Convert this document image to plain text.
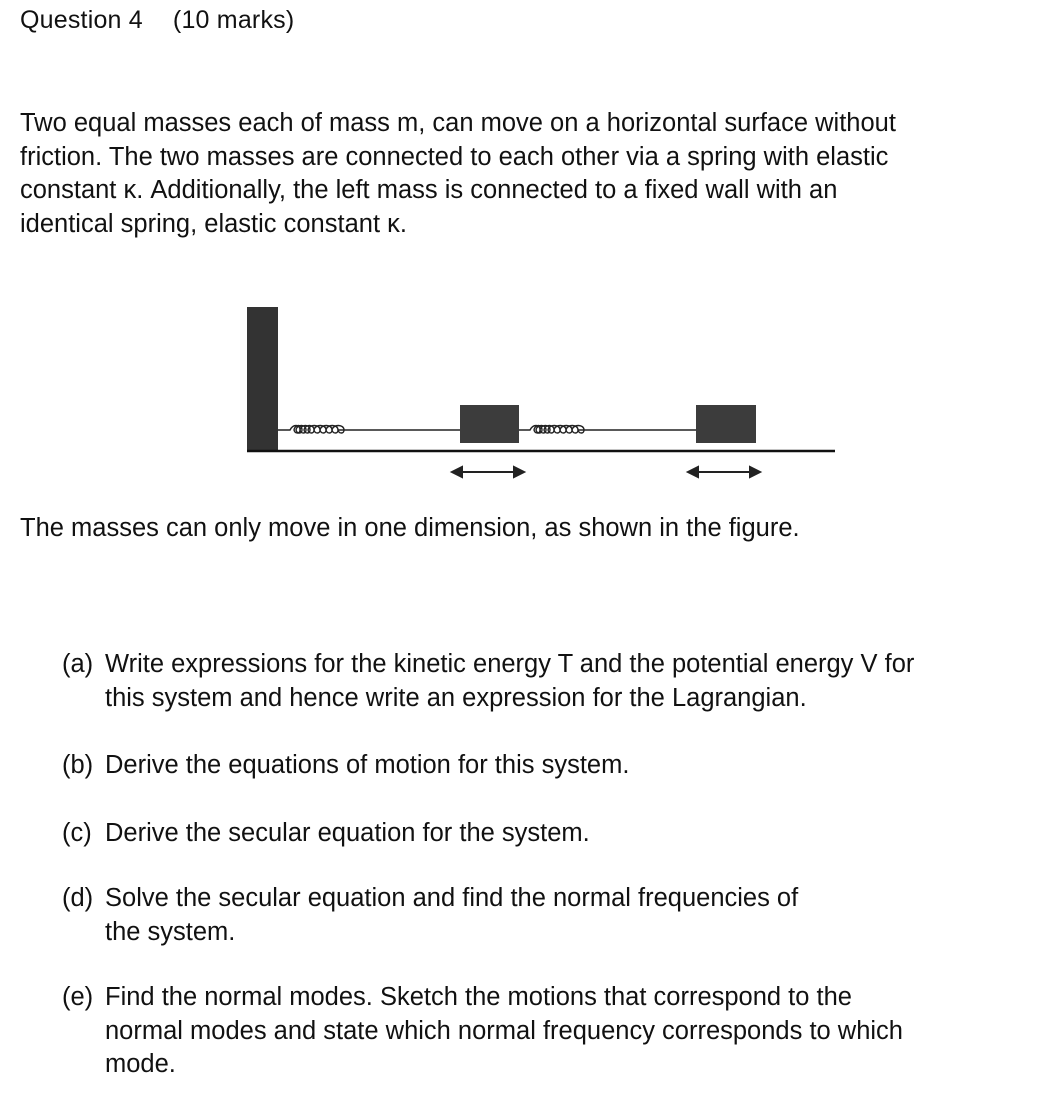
Question 4 (10 marks)
Two equal masses each of mass m, can move on a horizontal surface without
friction. The two masses are connected to each other via a spring with elastic
constant κ. Additionally, the left mass is connected to a fixed wall with an
identical spring, elastic constant κ.
The masses can only move in one dimension, as shown in the figure.
(a) Write expressions for the kinetic energy T and the potential energy V for
this system and hence write an expression for the Lagrangian.
(b) Derive the equations of motion for this system.
(c) Derive the secular equation for the system.
(d) Solve the secular equation and find the normal frequencies of
the system.
(e) Find the normal modes. Sketch the motions that correspond to the
normal modes and state which normal frequency corresponds to which
mode.
